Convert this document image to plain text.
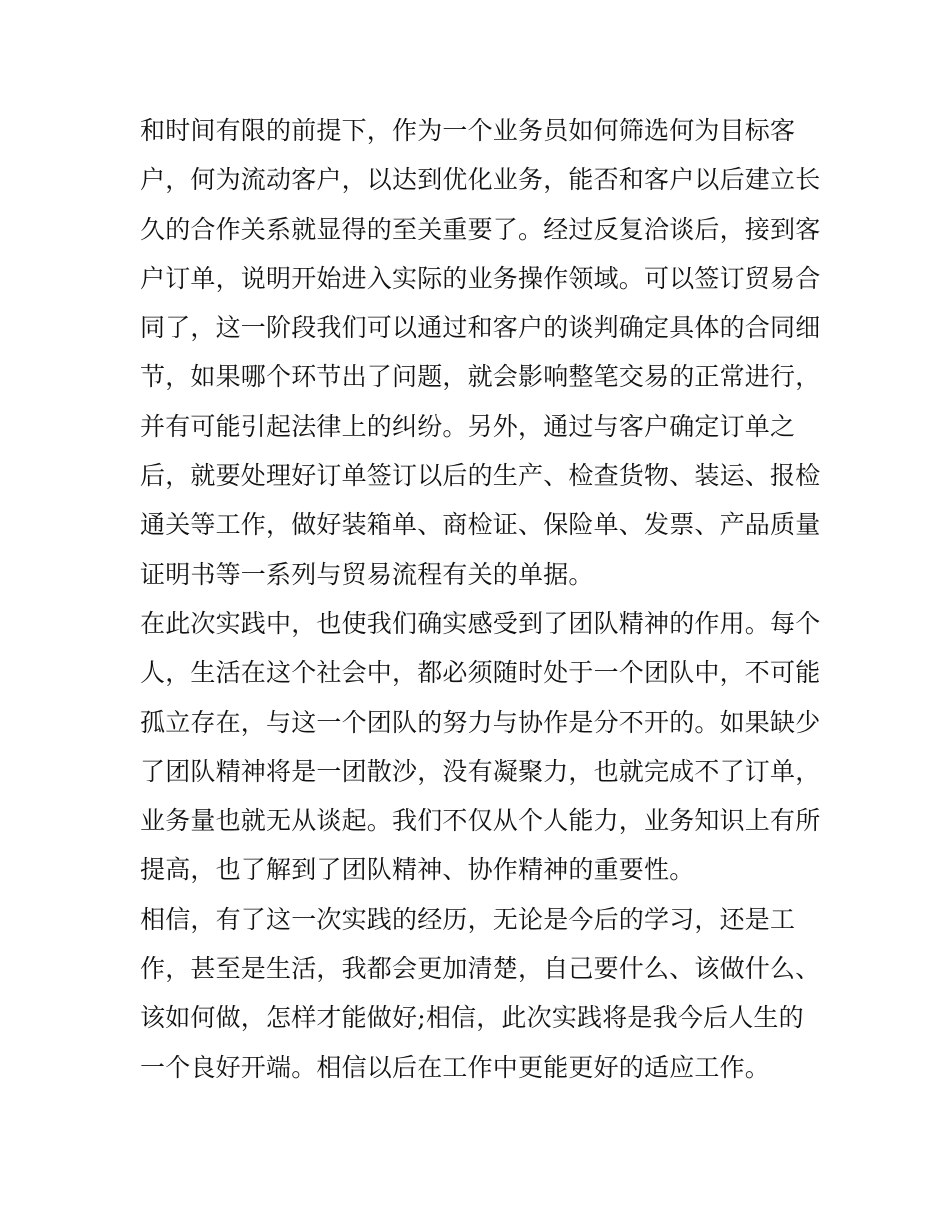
和时间有限的前提下，作为一个业务员如何筛选何为目标客
户，何为流动客户，以达到优化业务，能否和客户以后建立长
久的合作关系就显得的至关重要了。经过反复洽谈后，接到客
户订单，说明开始进入实际的业务操作领域。可以签订贸易合
同了，这一阶段我们可以通过和客户的谈判确定具体的合同细
节，如果哪个环节出了问题，就会影响整笔交易的正常进行，
并有可能引起法律上的纠纷。另外，通过与客户确定订单之
后，就要处理好订单签订以后的生产、检查货物、装运、报检
通关等工作，做好装箱单、商检证、保险单、发票、产品质量
证明书等一系列与贸易流程有关的单据。
在此次实践中，也使我们确实感受到了团队精神的作用。每个
人，生活在这个社会中，都必须随时处于一个团队中，不可能
孤立存在，与这一个团队的努力与协作是分不开的。如果缺少
了团队精神将是一团散沙，没有凝聚力，也就完成不了订单，
业务量也就无从谈起。我们不仅从个人能力，业务知识上有所
提高，也了解到了团队精神、协作精神的重要性。
相信，有了这一次实践的经历，无论是今后的学习，还是工
作，甚至是生活，我都会更加清楚，自己要什么、该做什么、
该如何做，怎样才能做好;相信，此次实践将是我今后人生的
一个良好开端。相信以后在工作中更能更好的适应工作。
